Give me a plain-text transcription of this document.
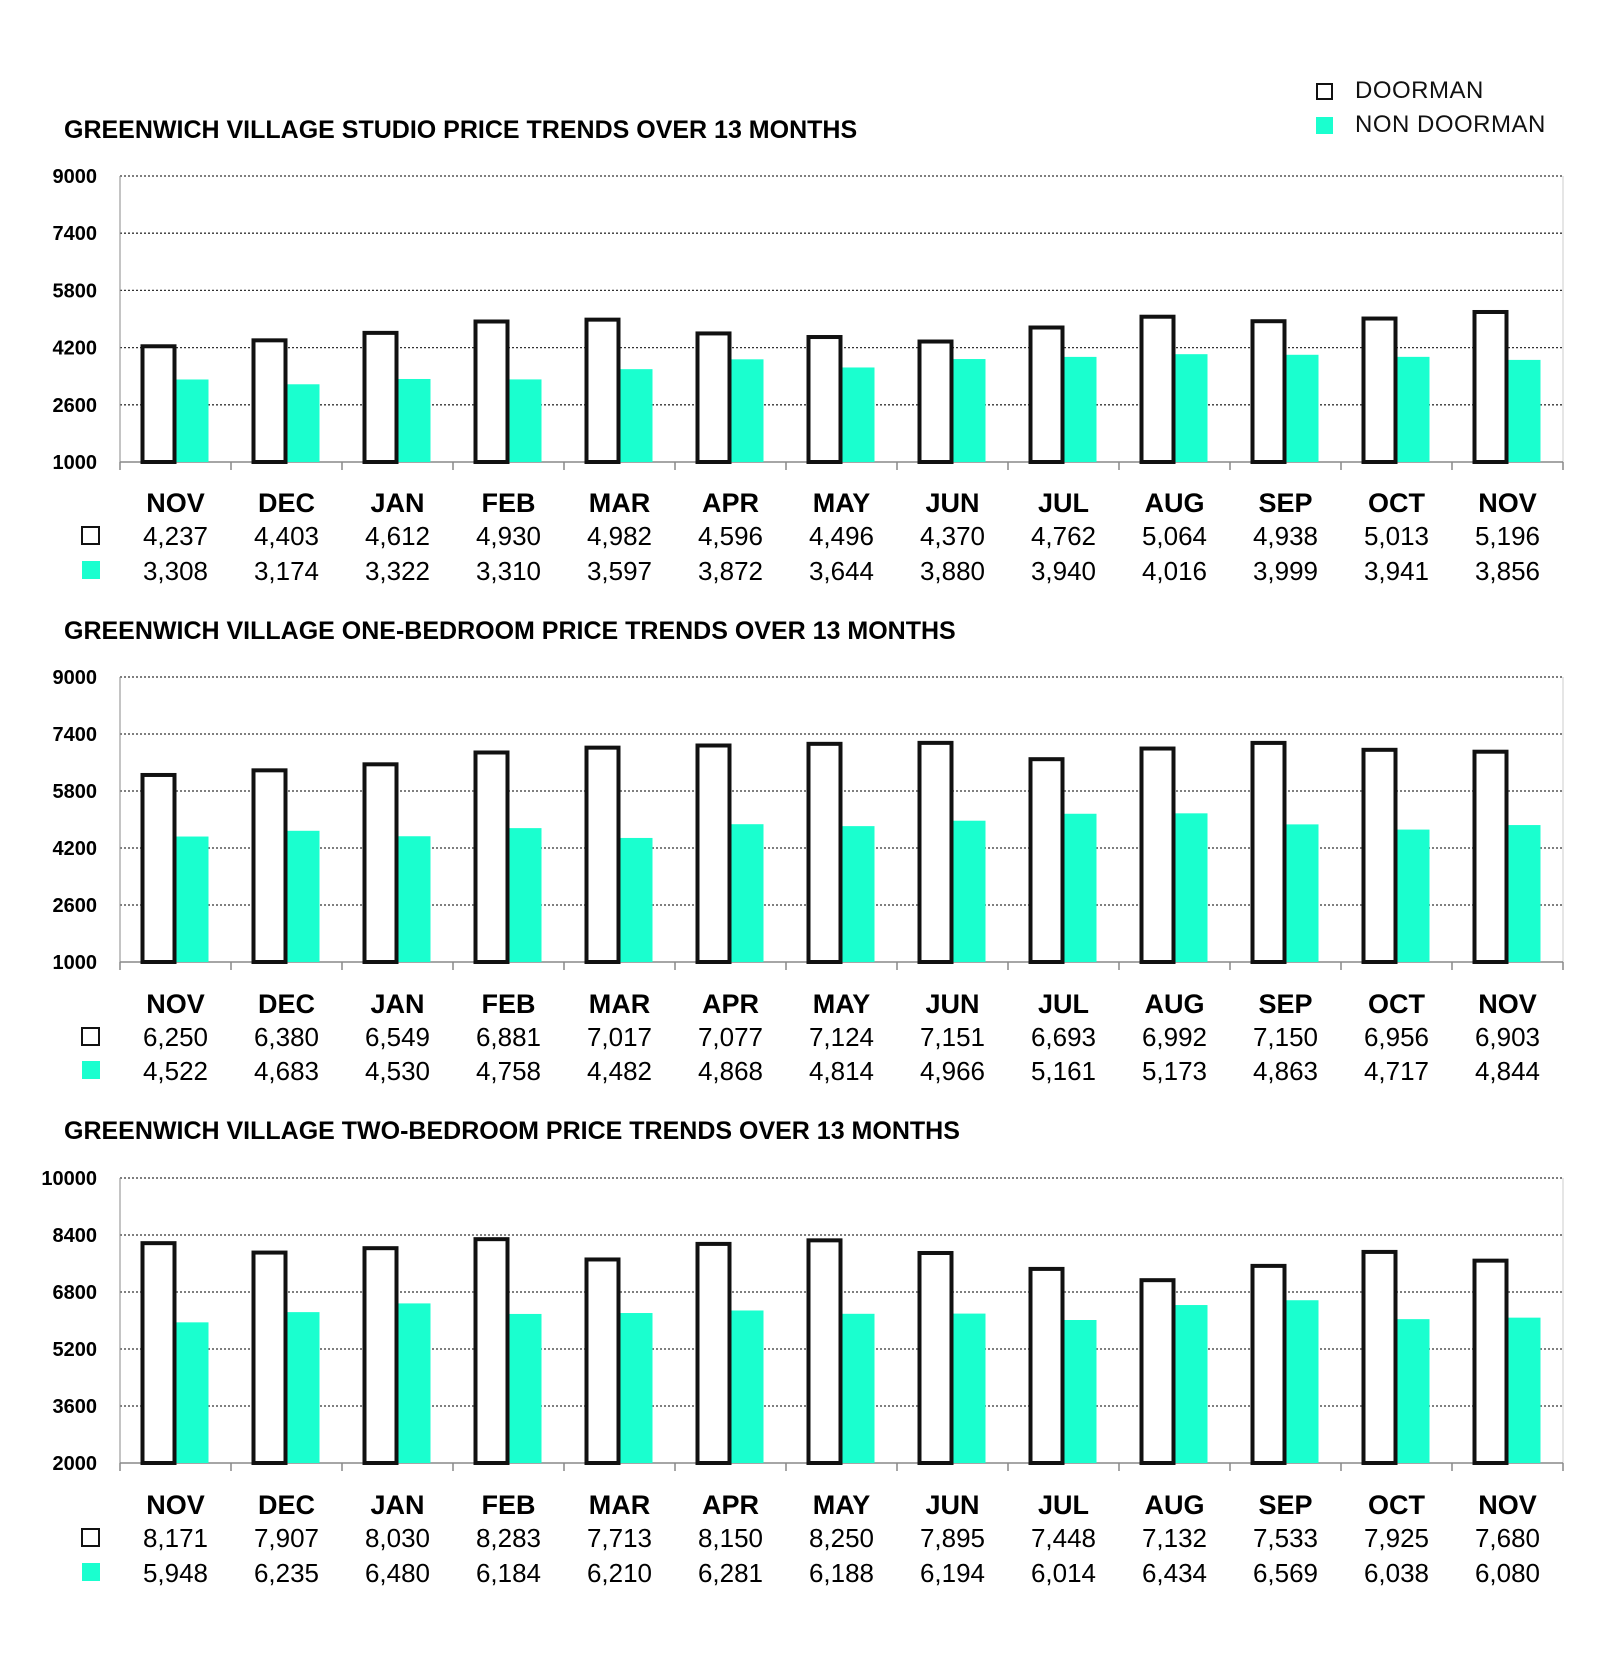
GREENWICH VILLAGE STUDIO PRICE TRENDS OVER 13 MONTHS
1000
2600
4200
5800
7400
9000
NOV
4,237
3,308
DEC
4,403
3,174
JAN
4,612
3,322
FEB
4,930
3,310
MAR
4,982
3,597
APR
4,596
3,872
MAY
4,496
3,644
JUN
4,370
3,880
JUL
4,762
3,940
AUG
5,064
4,016
SEP
4,938
3,999
OCT
5,013
3,941
NOV
5,196
3,856
GREENWICH VILLAGE ONE-BEDROOM PRICE TRENDS OVER 13 MONTHS
1000
2600
4200
5800
7400
9000
NOV
6,250
4,522
DEC
6,380
4,683
JAN
6,549
4,530
FEB
6,881
4,758
MAR
7,017
4,482
APR
7,077
4,868
MAY
7,124
4,814
JUN
7,151
4,966
JUL
6,693
5,161
AUG
6,992
5,173
SEP
7,150
4,863
OCT
6,956
4,717
NOV
6,903
4,844
GREENWICH VILLAGE TWO-BEDROOM PRICE TRENDS OVER 13 MONTHS
2000
3600
5200
6800
8400
10000
NOV
8,171
5,948
DEC
7,907
6,235
JAN
8,030
6,480
FEB
8,283
6,184
MAR
7,713
6,210
APR
8,150
6,281
MAY
8,250
6,188
JUN
7,895
6,194
JUL
7,448
6,014
AUG
7,132
6,434
SEP
7,533
6,569
OCT
7,925
6,038
NOV
7,680
6,080
DOORMAN
NON DOORMAN
